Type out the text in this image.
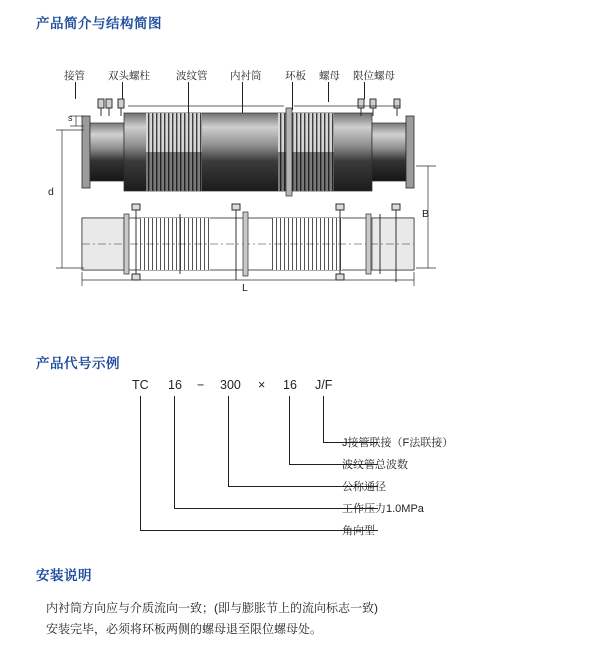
产品简介与结构简图
产品代号示例
安装说明
接管 双头螺柱 波纹管 内衬筒 环板 螺母 限位螺母
s
d
B
L
TC 16 − 300 × 16 J/F
J接管联接（F法联接）
波纹管总波数
公称通径
工作压力1.0MPa
角向型
内衬筒方向应与介质流向一致；(即与膨胀节上的流向标志一致)
安装完毕，必须将环板两侧的螺母退至限位螺母处。
